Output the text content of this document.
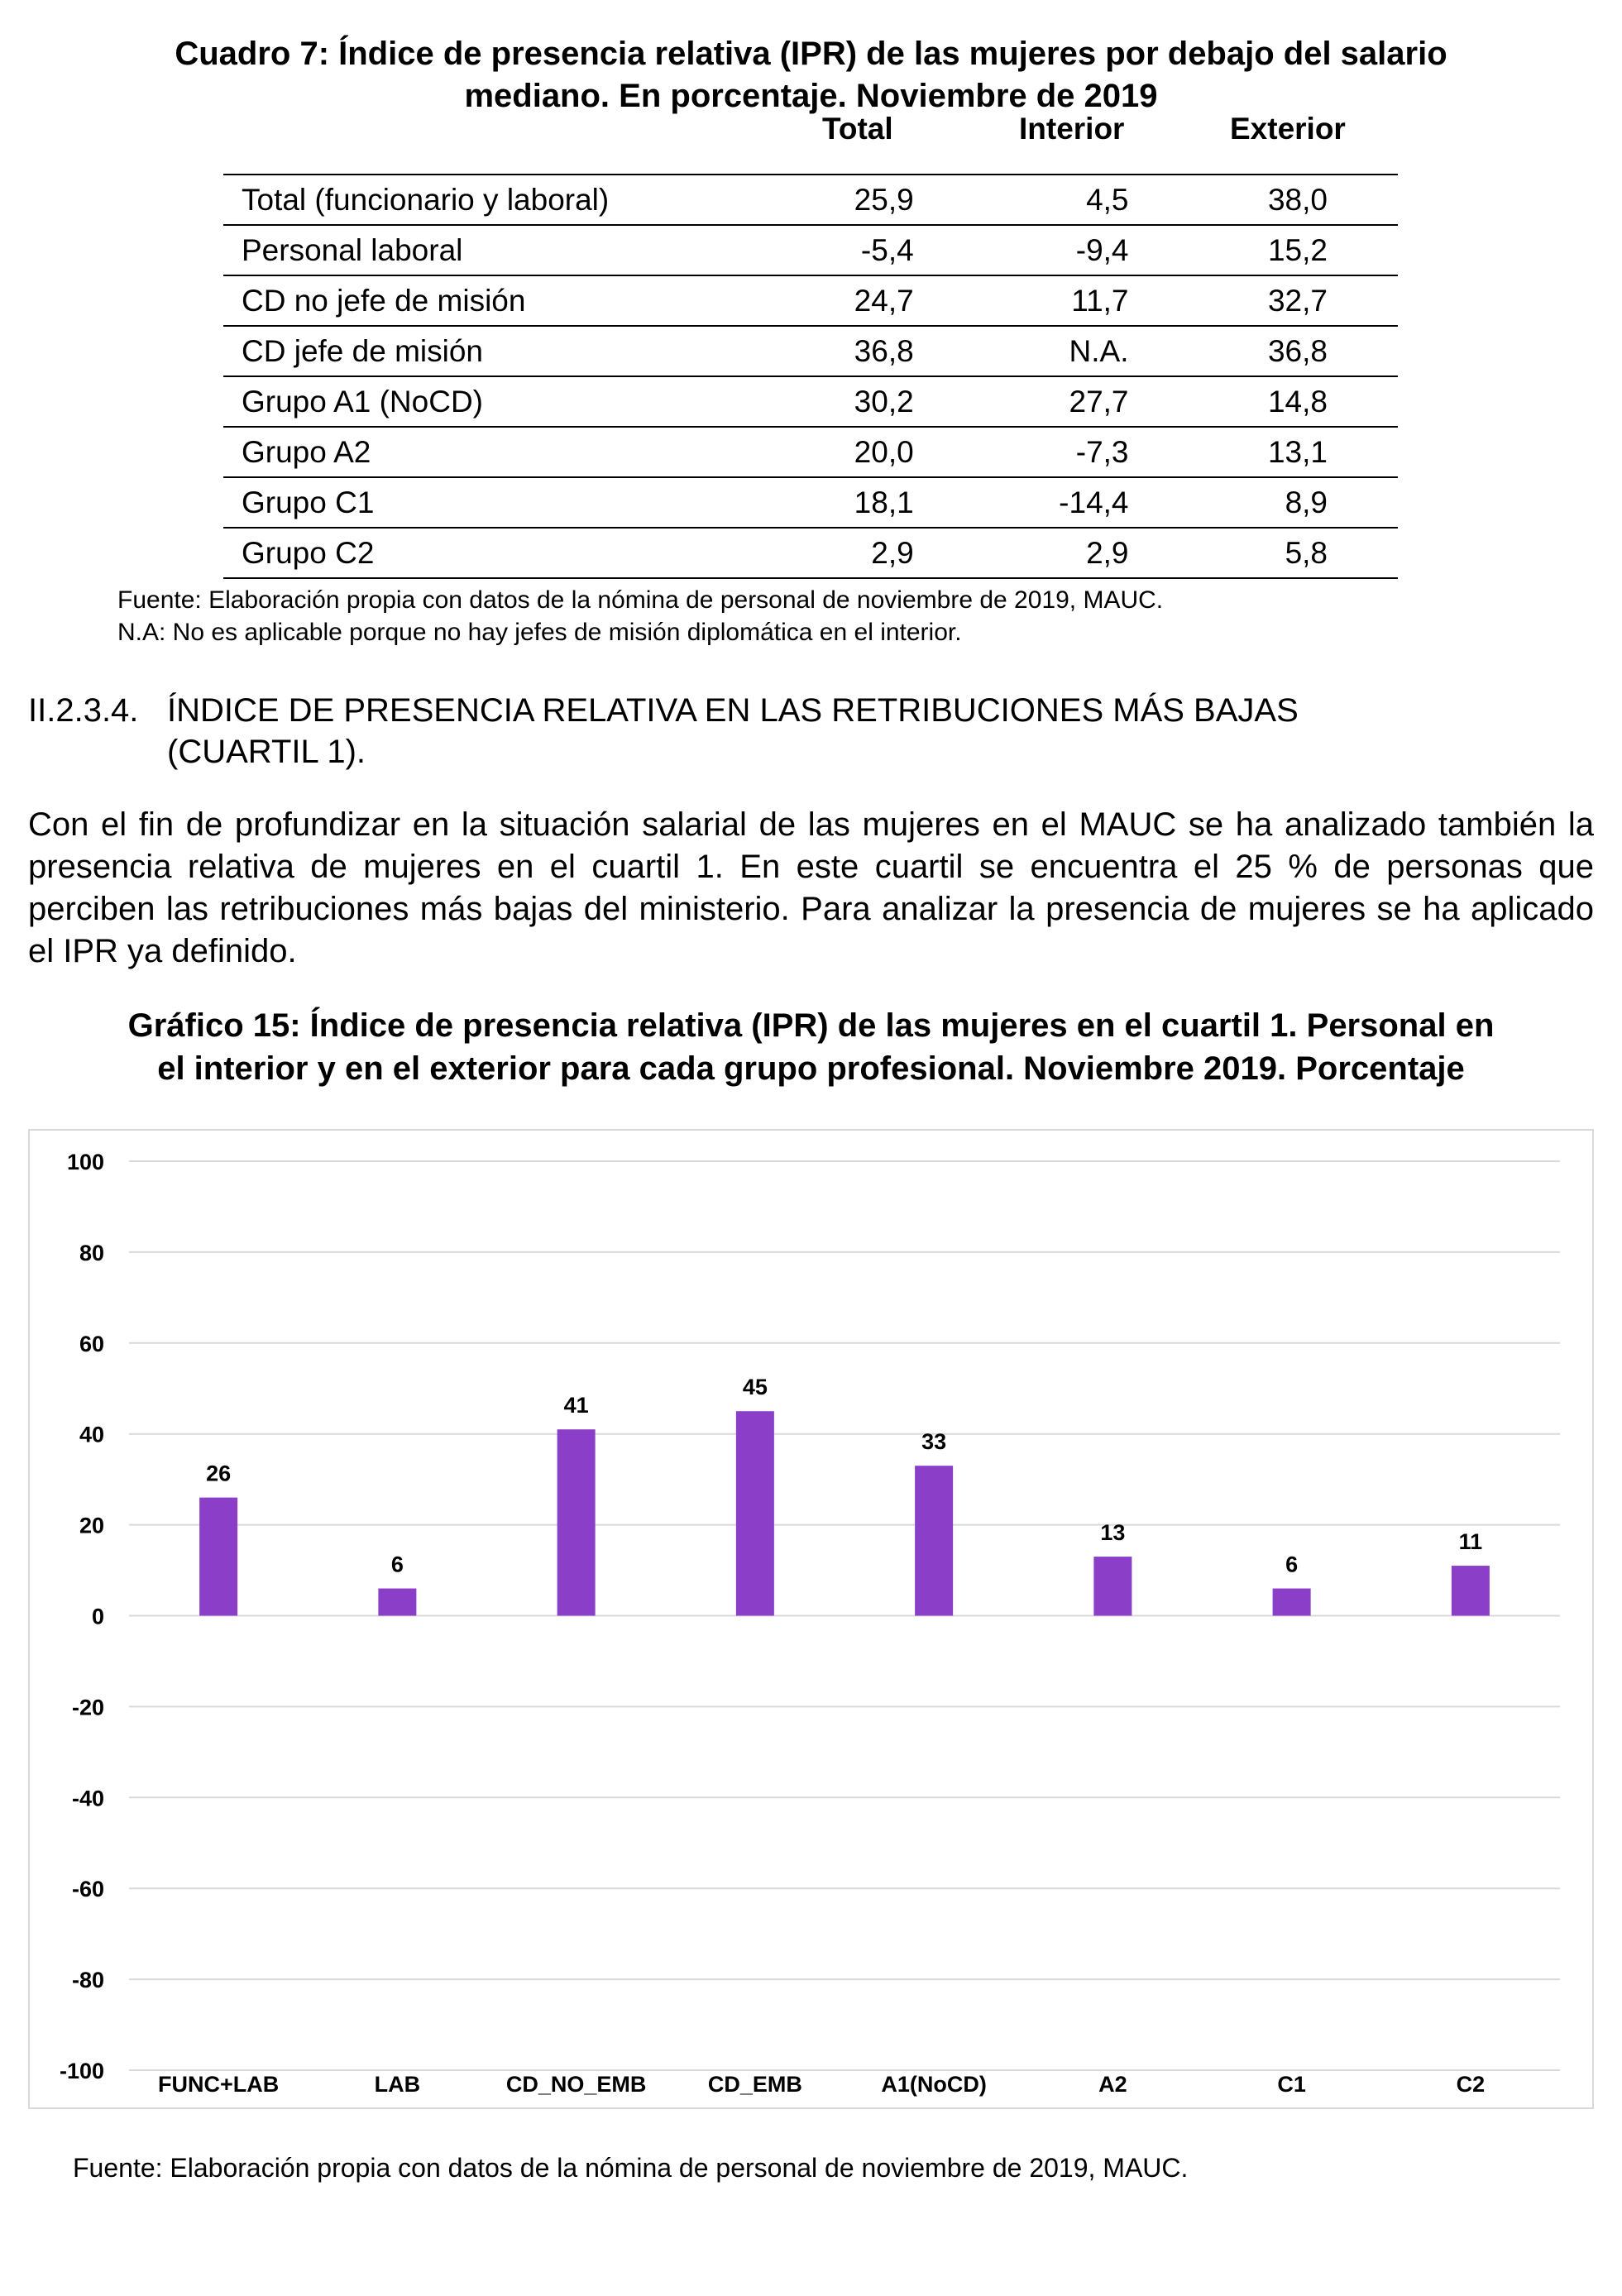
Cuadro 7: Índice de presencia relativa (IPR) de las mujeres por debajo del salario
mediano. En porcentaje. Noviembre de 2019
Total	Interior	Exterior
Total (funcionario y laboral)	25,9	4,5	38,0
Personal laboral	-5,4	-9,4	15,2
CD no jefe de misión	24,7	11,7	32,7
CD jefe de misión	36,8	N.A.	36,8
Grupo A1 (NoCD)	30,2	27,7	14,8
Grupo A2	20,0	-7,3	13,1
Grupo C1	18,1	-14,4	8,9
Grupo C2	2,9	2,9	5,8
Fuente: Elaboración propia con datos de la nómina de personal de noviembre de 2019, MAUC.
N.A: No es aplicable porque no hay jefes de misión diplomática en el interior.
II.2.3.4. ÍNDICE DE PRESENCIA RELATIVA EN LAS RETRIBUCIONES MÁS BAJAS
(CUARTIL 1).
Con el fin de profundizar en la situación salarial de las mujeres en el MAUC se ha analizado también la presencia relativa de mujeres en el cuartil 1. En este cuartil se encuentra el 25 % de personas que perciben las retribuciones más bajas del ministerio. Para analizar la presencia de mujeres se ha aplicado el IPR ya definido.
Gráfico 15: Índice de presencia relativa (IPR) de las mujeres en el cuartil 1. Personal en
el interior y en el exterior para cada grupo profesional. Noviembre 2019. Porcentaje
100
80
60
40
20
0
-20
-40
-60
-80
-100
26
FUNC+LAB
6
LAB
41
CD_NO_EMB
45
CD_EMB
33
A1(NoCD)
13
A2
6
C1
11
C2
Fuente: Elaboración propia con datos de la nómina de personal de noviembre de 2019, MAUC.
